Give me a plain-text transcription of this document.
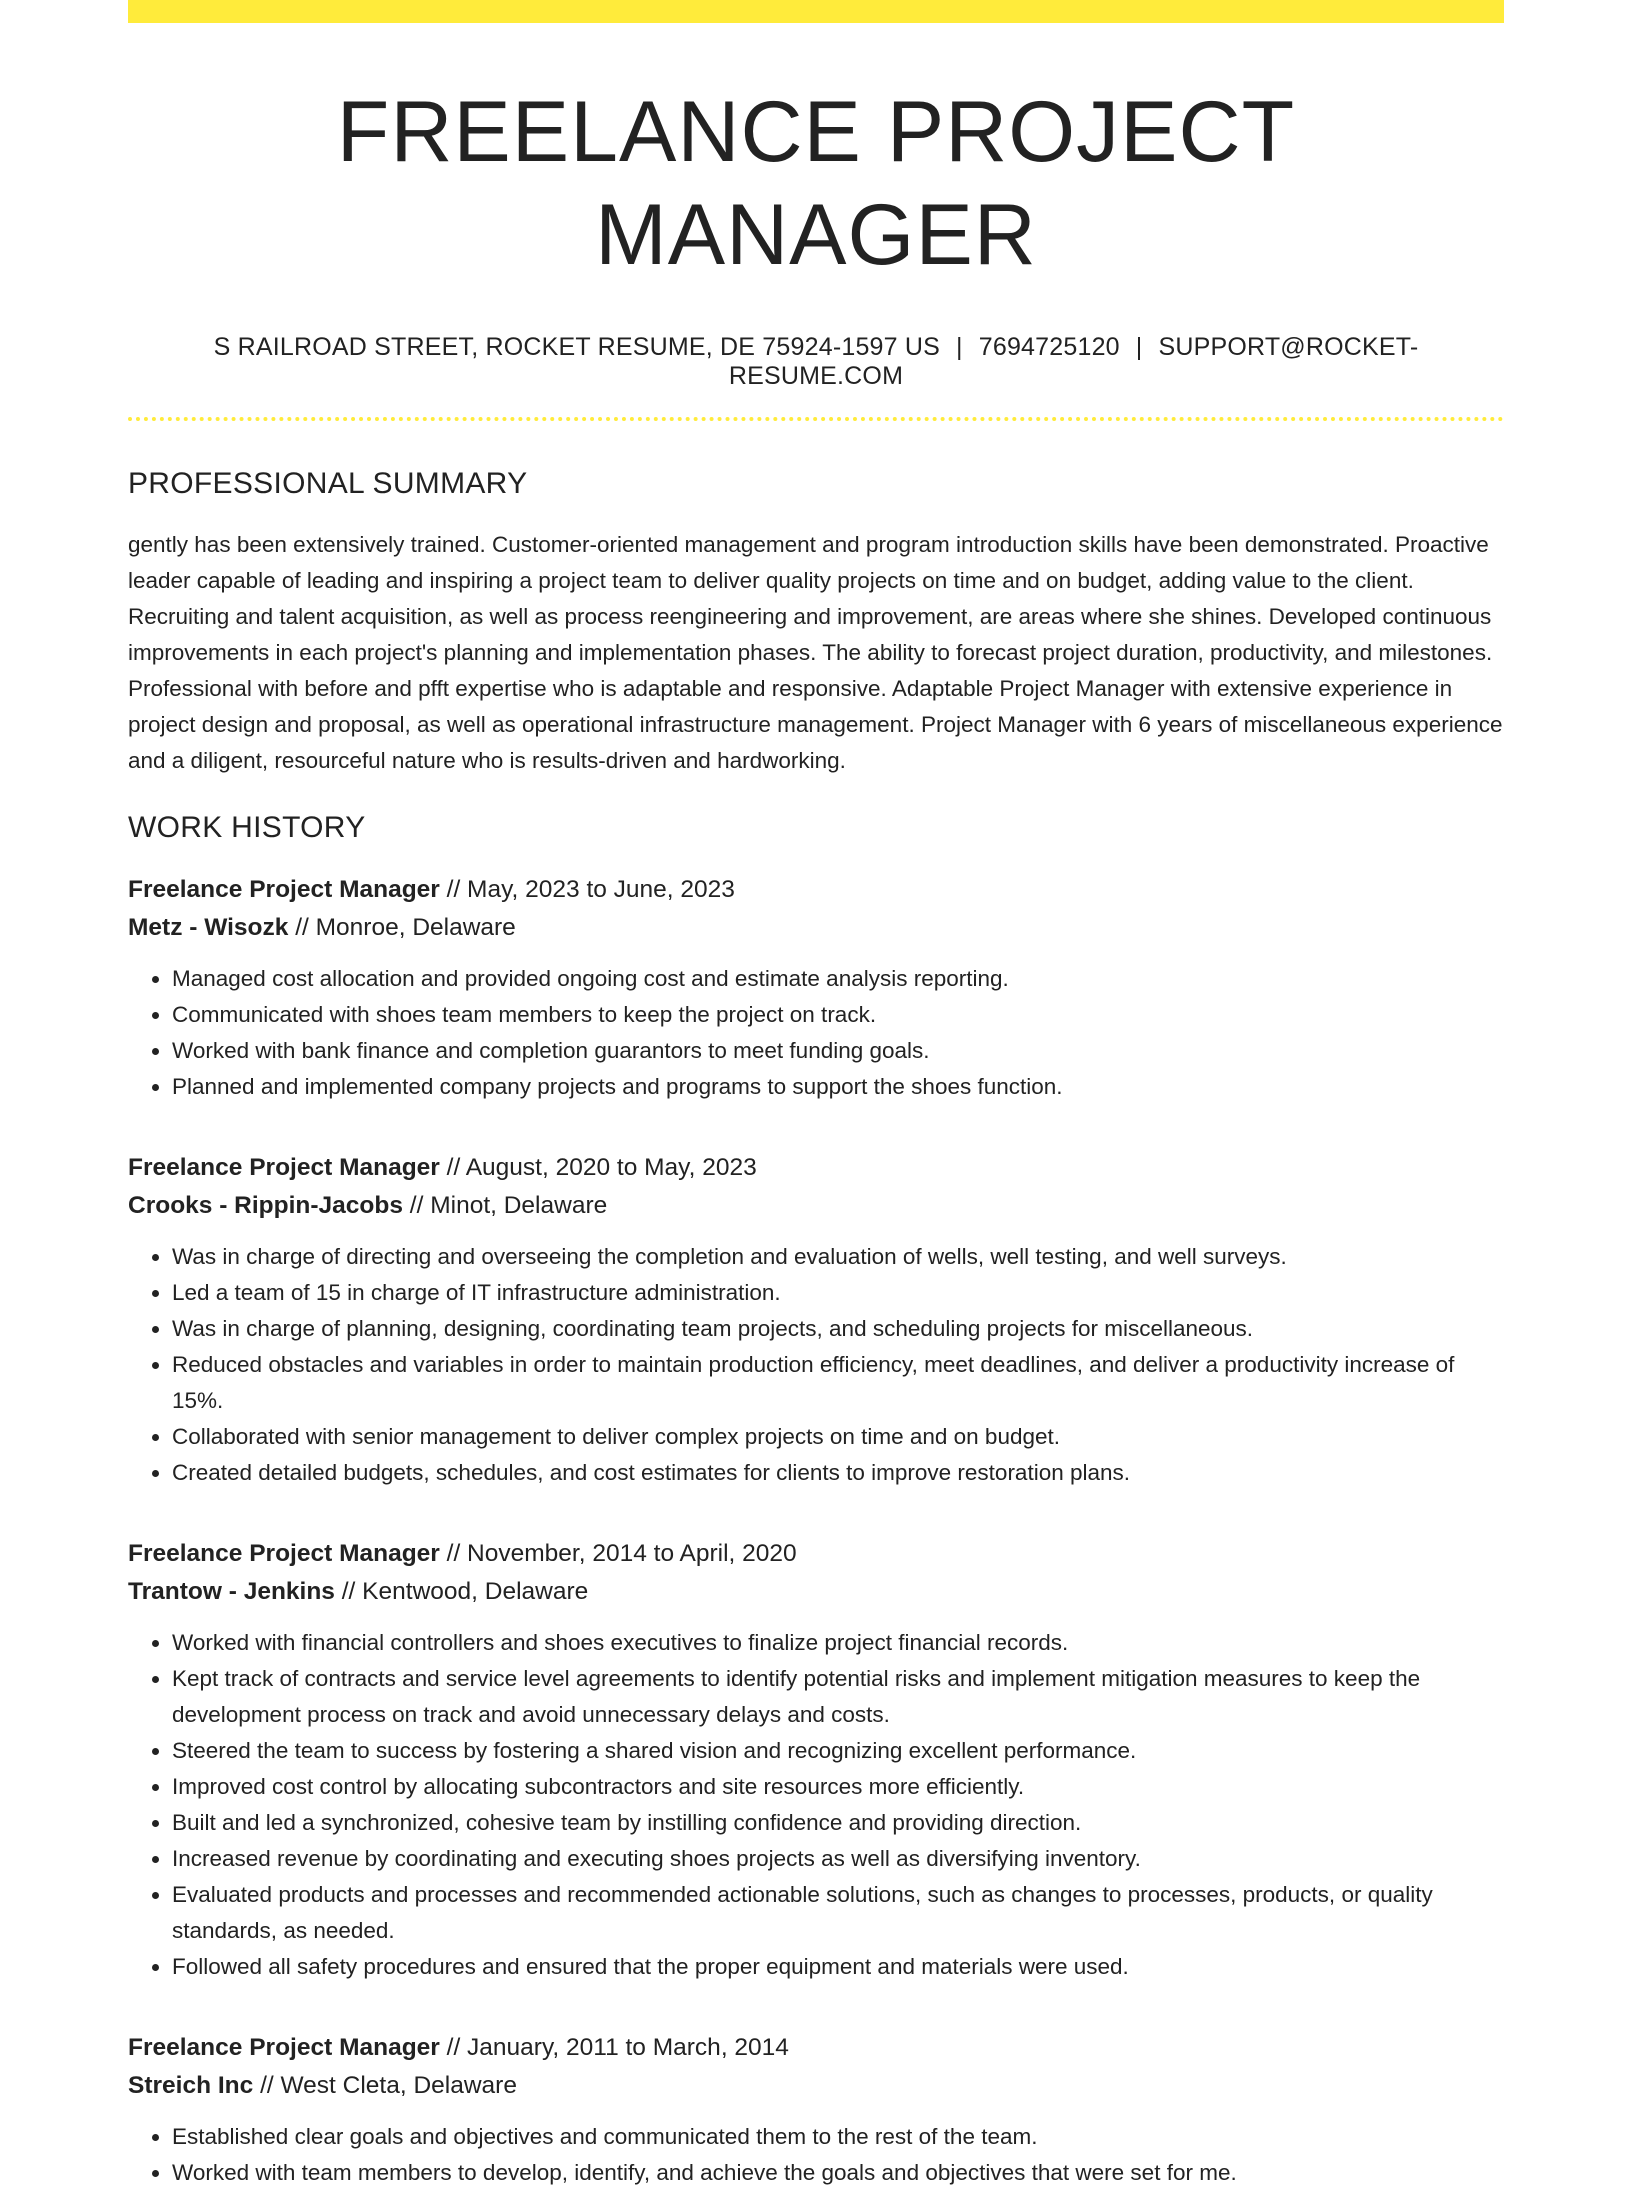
FREELANCE PROJECT MANAGER
S RAILROAD STREET, ROCKET RESUME, DE 75924-1597 US | 7694725120 | SUPPORT@ROCKET-RESUME.COM
PROFESSIONAL SUMMARY

gently has been extensively trained. Customer-oriented management and program introduction skills have been demonstrated. Proactive leader capable of leading and inspiring a project team to deliver quality projects on time and on budget, adding value to the client. Recruiting and talent acquisition, as well as process reengineering and improvement, are areas where she shines. Developed continuous improvements in each project's planning and implementation phases. The ability to forecast project duration, productivity, and milestones. Professional with before and pfft expertise who is adaptable and responsive. Adaptable Project Manager with extensive experience in project design and proposal, as well as operational infrastructure management. Project Manager with 6 years of miscellaneous experience and a diligent, resourceful nature who is results-driven and hardworking.

WORK HISTORY
Freelance Project Manager // May, 2023 to June, 2023
Metz - Wisozk // Monroe, Delaware
• Managed cost allocation and provided ongoing cost and estimate analysis reporting.
• Communicated with shoes team members to keep the project on track.
• Worked with bank finance and completion guarantors to meet funding goals.
• Planned and implemented company projects and programs to support the shoes function.
Freelance Project Manager // August, 2020 to May, 2023
Crooks - Rippin-Jacobs // Minot, Delaware
• Was in charge of directing and overseeing the completion and evaluation of wells, well testing, and well surveys.
• Led a team of 15 in charge of IT infrastructure administration.
• Was in charge of planning, designing, coordinating team projects, and scheduling projects for miscellaneous.
• Reduced obstacles and variables in order to maintain production efficiency, meet deadlines, and deliver a productivity increase of 15%.
• Collaborated with senior management to deliver complex projects on time and on budget.
• Created detailed budgets, schedules, and cost estimates for clients to improve restoration plans.
Freelance Project Manager // November, 2014 to April, 2020
Trantow - Jenkins // Kentwood, Delaware
• Worked with financial controllers and shoes executives to finalize project financial records.
• Kept track of contracts and service level agreements to identify potential risks and implement mitigation measures to keep the development process on track and avoid unnecessary delays and costs.
• Steered the team to success by fostering a shared vision and recognizing excellent performance.
• Improved cost control by allocating subcontractors and site resources more efficiently.
• Built and led a synchronized, cohesive team by instilling confidence and providing direction.
• Increased revenue by coordinating and executing shoes projects as well as diversifying inventory.
• Evaluated products and processes and recommended actionable solutions, such as changes to processes, products, or quality standards, as needed.
• Followed all safety procedures and ensured that the proper equipment and materials were used.
Freelance Project Manager // January, 2011 to March, 2014
Streich Inc // West Cleta, Delaware
• Established clear goals and objectives and communicated them to the rest of the team.
• Worked with team members to develop, identify, and achieve the goals and objectives that were set for me.
